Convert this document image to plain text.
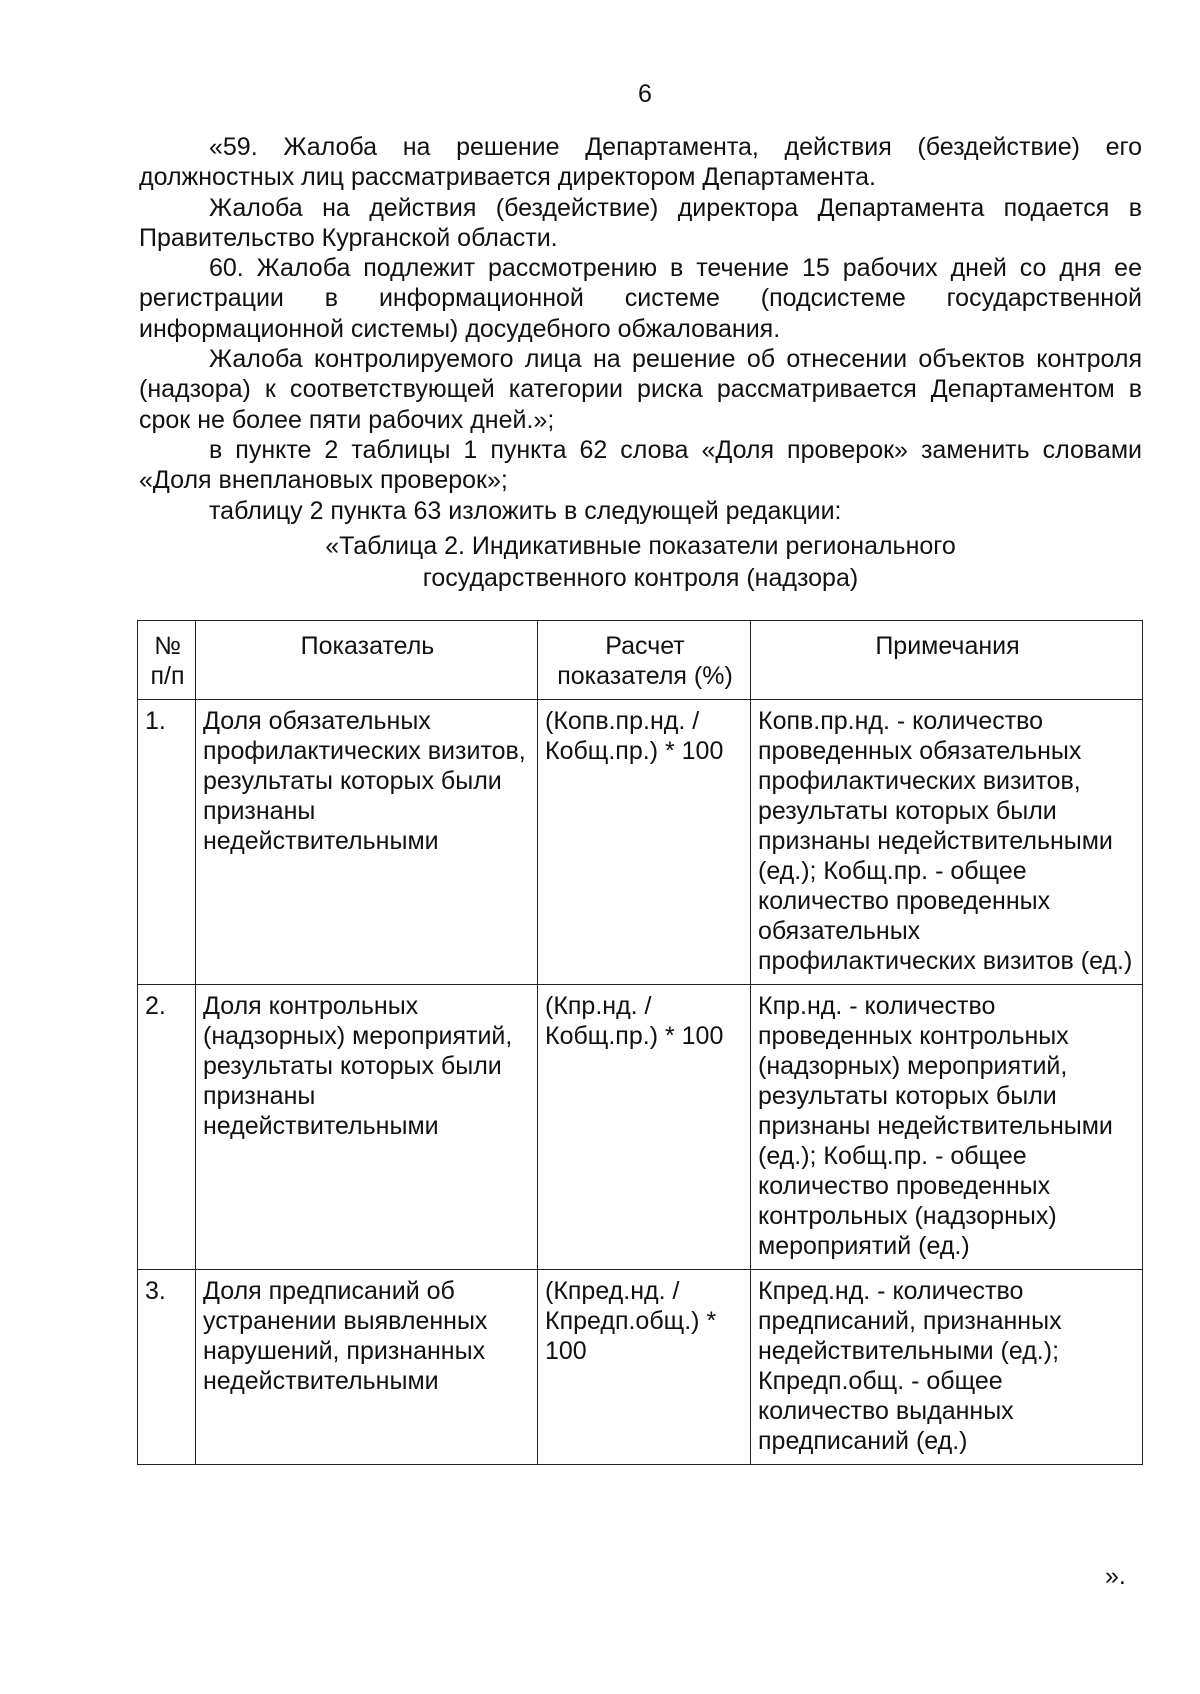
6

«59. Жалоба на решение Департамента, действия (бездействие) его должностных лиц рассматривается директором Департамента.

Жалоба на действия (бездействие) директора Департамента подается в Правительство Курганской области.

60. Жалоба подлежит рассмотрению в течение 15 рабочих дней со дня ее регистрации в информационной системе (подсистеме государственной информационной системы) досудебного обжалования.

Жалоба контролируемого лица на решение об отнесении объектов контроля (надзора) к соответствующей категории риска рассматривается Департаментом в срок не более пяти рабочих дней.»;

в пункте 2 таблицы 1 пункта 62 слова «Доля проверок» заменить словами «Доля внеплановых проверок»;

таблицу 2 пункта 63 изложить в следующей редакции:

«Таблица 2. Индикативные показатели регионального
государственного контроля (надзора)
№ п/п	Показатель	Расчет показателя (%)	Примечания
1.	Доля обязательных профилактических визитов, результаты которых были признаны недействительными	(Копв.пр.нд. / Кобщ.пр.) * 100	Копв.пр.нд. - количество проведенных обязательных профилактических визитов, результаты которых были признаны недействительными (ед.); Кобщ.пр. - общее количество проведенных обязательных профилактических визитов (ед.)
2.	Доля контрольных (надзорных) мероприятий, результаты которых были признаны недействительными	(Кпр.нд. / Кобщ.пр.) * 100	Кпр.нд. - количество проведенных контрольных (надзорных) мероприятий, результаты которых были признаны недействительными (ед.); Кобщ.пр. - общее количество проведенных контрольных (надзорных) мероприятий (ед.)
3.	Доля предписаний об устранении выявленных нарушений, признанных недействительными	(Кпред.нд. / Кпредп.общ.) * 100	Кпред.нд. - количество предписаний, признанных недействительными (ед.); Кпредп.общ. - общее количество выданных предписаний (ед.)
».
